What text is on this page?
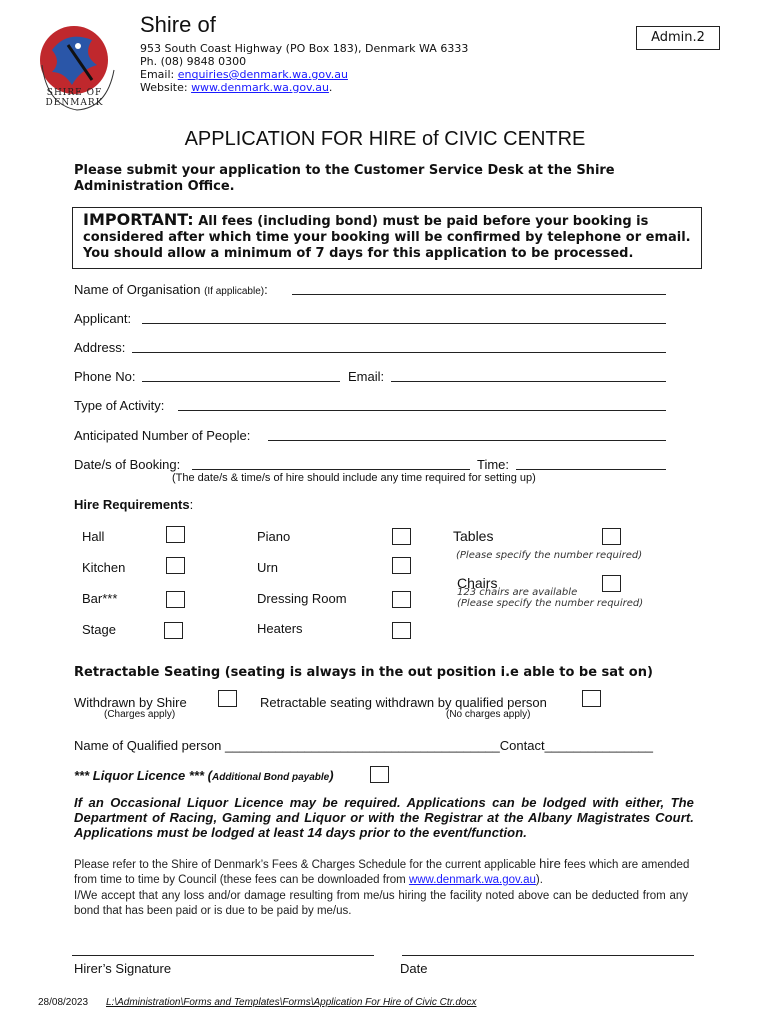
SHIRE OF DENMARK
Shire of
953 South Coast Highway (PO Box 183), Denmark WA 6333
Ph. (08) 9848 0300
Email: enquiries@denmark.wa.gov.au
Website: www.denmark.wa.gov.au.
Admin.2
APPLICATION FOR HIRE of CIVIC CENTRE
Please submit your application to the Customer Service Desk at the Shire Administration Office.
IMPORTANT: All fees (including bond) must be paid before your booking is considered after which time your booking will be confirmed by telephone or email. You should allow a minimum of 7 days for this application to be processed.
Name of Organisation (If applicable):
Applicant:
Address:
Phone No:	Email:
Type of Activity:
Anticipated Number of People:
Date/s of Booking:	Time:
(The date/s & time/s of hire should include any time required for setting up)
Hire Requirements:
Hall
Kitchen
Bar***
Stage
Piano
Urn
Dressing Room
Heaters
Tables
(Please specify the number required)
Chairs
123 chairs are available
(Please specify the number required)
Retractable Seating (seating is always in the out position i.e able to be sat on)
Withdrawn by Shire
(Charges apply)
Retractable seating withdrawn by qualified person
(No charges apply)
Name of Qualified person ______________________________________Contact_______________
*** Liquor Licence *** (Additional Bond payable)
If an Occasional Liquor Licence may be required. Applications can be lodged with either, The Department of Racing, Gaming and Liquor or with the Registrar at the Albany Magistrates Court. Applications must be lodged at least 14 days prior to the event/function.
Please refer to the Shire of Denmark’s Fees & Charges Schedule for the current applicable hire fees which are amended from time to time by Council (these fees can be downloaded from www.denmark.wa.gov.au).
I/We accept that any loss and/or damage resulting from me/us hiring the facility noted above can be deducted from any bond that has been paid or is due to be paid by me/us.
Hirer’s Signature	Date
28/08/2023 L:\Administration\Forms and Templates\Forms\Application For Hire of Civic Ctr.docx
